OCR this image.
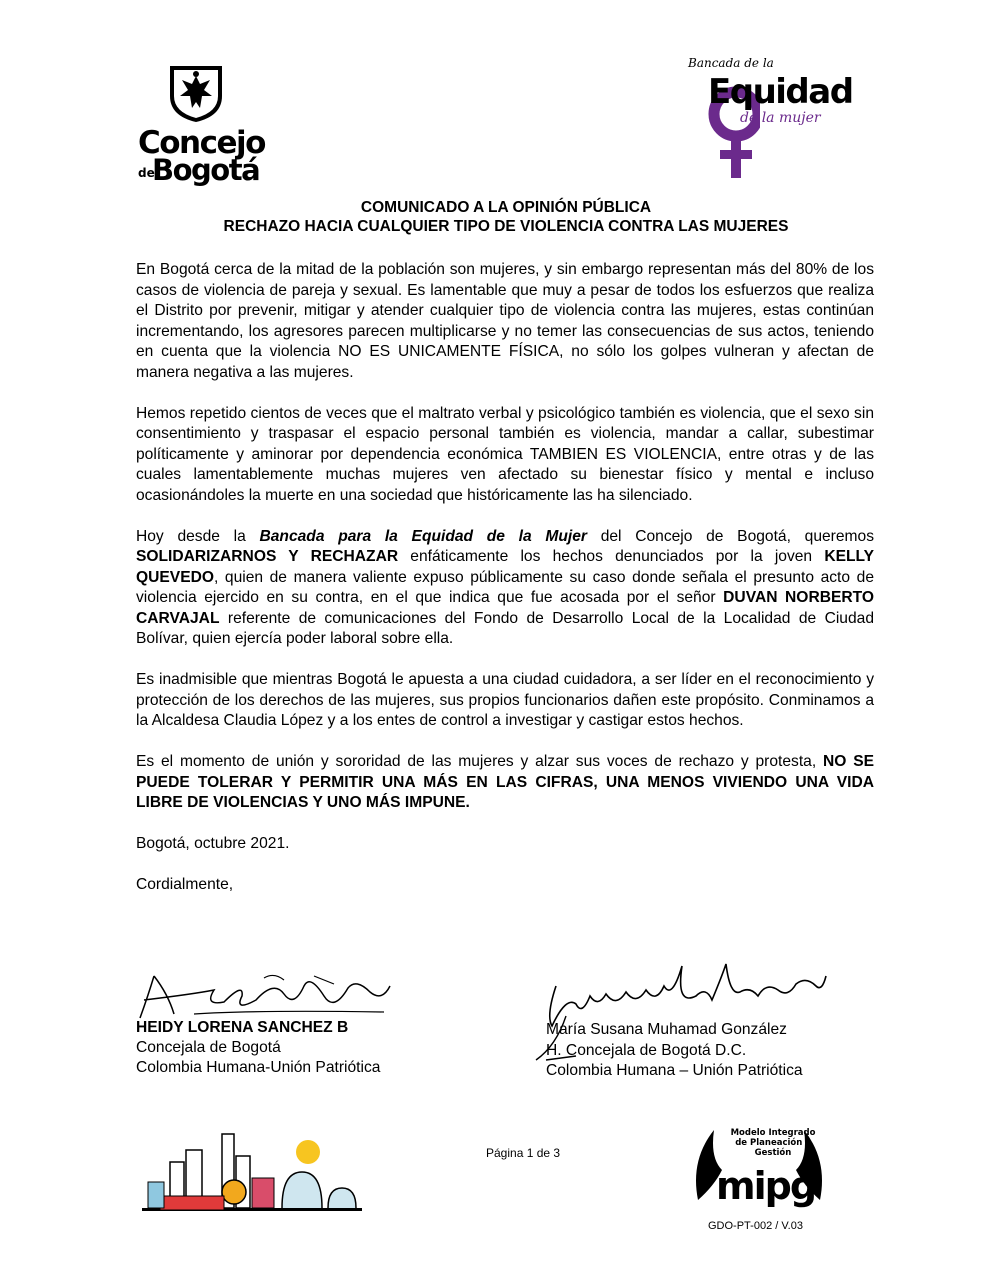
Concejo
de
Bogotá
Bancada de la
Equidad
de la mujer
COMUNICADO A LA OPINIÓN PÚBLICA
RECHAZO HACIA CUALQUIER TIPO DE VIOLENCIA CONTRA LAS MUJERES

En Bogotá cerca de la mitad de la población son mujeres, y sin embargo representan más del 80% de los casos de violencia de pareja y sexual. Es lamentable que muy a pesar de todos los esfuerzos que realiza el Distrito por prevenir, mitigar y atender cualquier tipo de violencia contra las mujeres, estas continúan incrementando, los agresores parecen multiplicarse y no temer las consecuencias de sus actos, teniendo en cuenta que la violencia NO ES UNICAMENTE FÍSICA, no sólo los golpes vulneran y afectan de manera negativa a las mujeres.

Hemos repetido cientos de veces que el maltrato verbal y psicológico también es violencia, que el sexo sin consentimiento y traspasar el espacio personal también es violencia, mandar a callar, subestimar políticamente y aminorar por dependencia económica TAMBIEN ES VIOLENCIA, entre otras y de las cuales lamentablemente muchas mujeres ven afectado su bienestar físico y mental e incluso ocasionándoles la muerte en una sociedad que históricamente las ha silenciado.

Hoy desde la Bancada para la Equidad de la Mujer del Concejo de Bogotá, queremos SOLIDARIZARNOS Y RECHAZAR enfáticamente los hechos denunciados por la joven KELLY QUEVEDO, quien de manera valiente expuso públicamente su caso donde señala el presunto acto de violencia ejercido en su contra, en el que indica que fue acosada por el señor DUVAN NORBERTO CARVAJAL referente de comunicaciones del Fondo de Desarrollo Local de la Localidad de Ciudad Bolívar, quien ejercía poder laboral sobre ella.

Es inadmisible que mientras Bogotá le apuesta a una ciudad cuidadora, a ser líder en el reconocimiento y protección de los derechos de las mujeres, sus propios funcionarios dañen este propósito. Conminamos a la Alcaldesa Claudia López y a los entes de control a investigar y castigar estos hechos.

Es el momento de unión y sororidad de las mujeres y alzar sus voces de rechazo y protesta, NO SE PUEDE TOLERAR Y PERMITIR UNA MÁS EN LAS CIFRAS, UNA MENOS VIVIENDO UNA VIDA LIBRE DE VIOLENCIAS Y UNO MÁS IMPUNE.

Bogotá, octubre 2021.

Cordialmente,

HEIDY LORENA SANCHEZ B
Concejala de Bogotá
Colombia Humana-Unión Patriótica
María Susana Muhamad González
H. Concejala de Bogotá D.C.
Colombia Humana – Unión Patriótica
Página 1 de 3
Modelo Integrado de Planeación y Gestión
mipg
GDO-PT-002 / V.03
